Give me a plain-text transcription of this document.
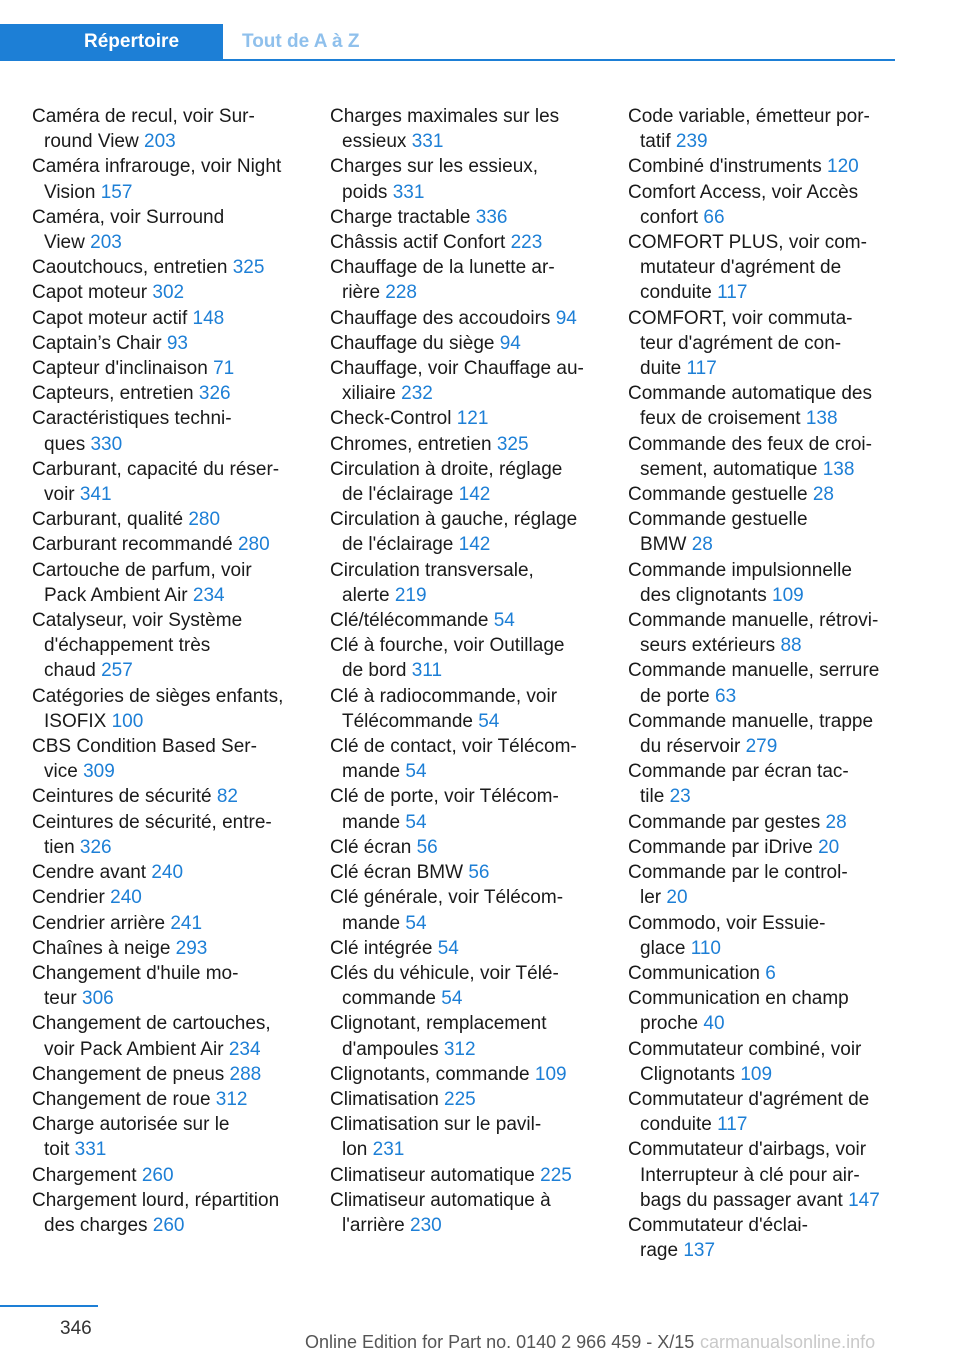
Répertoire	Tout de A à Z
Caméra de recul, voir Sur-
round View 203
Caméra infrarouge, voir Night
Vision 157
Caméra, voir Surround
View 203
Caoutchoucs, entretien 325
Capot moteur 302
Capot moteur actif 148
Captain’s Chair 93
Capteur d'inclinaison 71
Capteurs, entretien 326
Caractéristiques techni-
ques 330
Carburant, capacité du réser-
voir 341
Carburant, qualité 280
Carburant recommandé 280
Cartouche de parfum, voir
Pack Ambient Air 234
Catalyseur, voir Système
d'échappement très
chaud 257
Catégories de sièges enfants,
ISOFIX 100
CBS Condition Based Ser-
vice 309
Ceintures de sécurité 82
Ceintures de sécurité, entre-
tien 326
Cendre avant 240
Cendrier 240
Cendrier arrière 241
Chaînes à neige 293
Changement d'huile mo-
teur 306
Changement de cartouches,
voir Pack Ambient Air 234
Changement de pneus 288
Changement de roue 312
Charge autorisée sur le
toit 331
Chargement 260
Chargement lourd, répartition
des charges 260
Charges maximales sur les
essieux 331
Charges sur les essieux,
poids 331
Charge tractable 336
Châssis actif Confort 223
Chauffage de la lunette ar-
rière 228
Chauffage des accoudoirs 94
Chauffage du siège 94
Chauffage, voir Chauffage au-
xiliaire 232
Check-Control 121
Chromes, entretien 325
Circulation à droite, réglage
de l'éclairage 142
Circulation à gauche, réglage
de l'éclairage 142
Circulation transversale,
alerte 219
Clé/télécommande 54
Clé à fourche, voir Outillage
de bord 311
Clé à radiocommande, voir
Télécommande 54
Clé de contact, voir Télécom-
mande 54
Clé de porte, voir Télécom-
mande 54
Clé écran 56
Clé écran BMW 56
Clé générale, voir Télécom-
mande 54
Clé intégrée 54
Clés du véhicule, voir Télé-
commande 54
Clignotant, remplacement
d'ampoules 312
Clignotants, commande 109
Climatisation 225
Climatisation sur le pavil-
lon 231
Climatiseur automatique 225
Climatiseur automatique à
l'arrière 230
Code variable, émetteur por-
tatif 239
Combiné d'instruments 120
Comfort Access, voir Accès
confort 66
COMFORT PLUS, voir com-
mutateur d'agrément de
conduite 117
COMFORT, voir commuta-
teur d'agrément de con-
duite 117
Commande automatique des
feux de croisement 138
Commande des feux de croi-
sement, automatique 138
Commande gestuelle 28
Commande gestuelle
BMW 28
Commande impulsionnelle
des clignotants 109
Commande manuelle, rétrovi-
seurs extérieurs 88
Commande manuelle, serrure
de porte 63
Commande manuelle, trappe
du réservoir 279
Commande par écran tac-
tile 23
Commande par gestes 28
Commande par iDrive 20
Commande par le control-
ler 20
Commodo, voir Essuie-
glace 110
Communication 6
Communication en champ
proche 40
Commutateur combiné, voir
Clignotants 109
Commutateur d'agrément de
conduite 117
Commutateur d'airbags, voir
Interrupteur à clé pour air-
bags du passager avant 147
Commutateur d'éclai-
rage 137
346
Online Edition for Part no. 0140 2 966 459 - X/15 carmanualsonline.info
